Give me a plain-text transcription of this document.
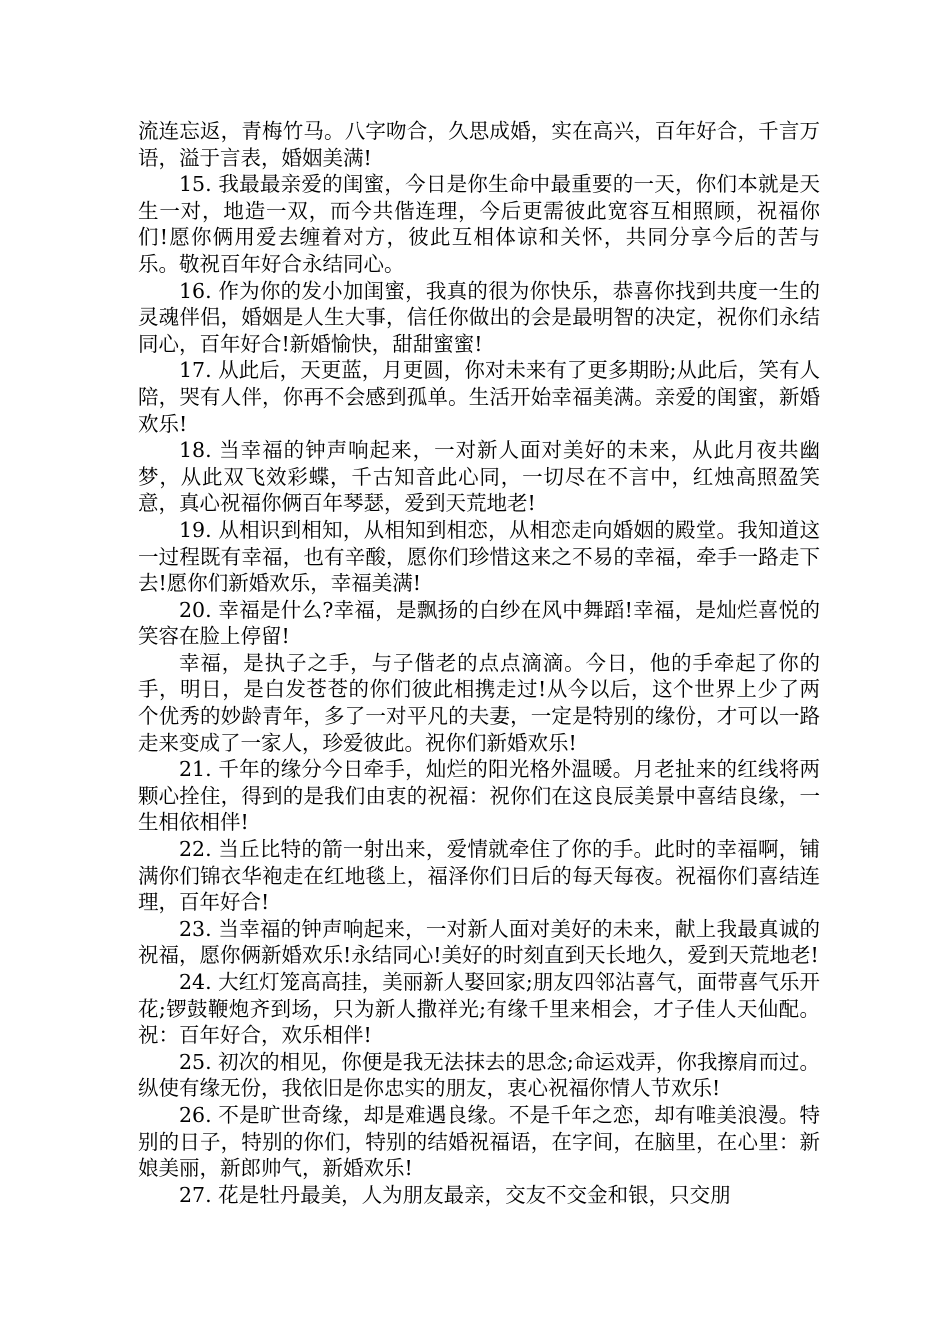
流连忘返，青梅竹马。八字吻合，久思成婚，实在高兴，百年好合，千言万语，溢于言表，婚姻美满!

15. 我最最亲爱的闺蜜，今日是你生命中最重要的一天，你们本就是天生一对，地造一双，而今共偕连理，今后更需彼此宽容互相照顾，祝福你们!愿你俩用爱去缠着对方，彼此互相体谅和关怀，共同分享今后的苦与乐。敬祝百年好合永结同心。

16. 作为你的发小加闺蜜，我真的很为你快乐，恭喜你找到共度一生的灵魂伴侣，婚姻是人生大事，信任你做出的会是最明智的决定，祝你们永结同心，百年好合!新婚愉快，甜甜蜜蜜!

17. 从此后，天更蓝，月更圆，你对未来有了更多期盼;从此后，笑有人陪，哭有人伴，你再不会感到孤单。生活开始幸福美满。亲爱的闺蜜，新婚欢乐!

18. 当幸福的钟声响起来，一对新人面对美好的未来，从此月夜共幽梦，从此双飞效彩蝶，千古知音此心同，一切尽在不言中，红烛高照盈笑意，真心祝福你俩百年琴瑟，爱到天荒地老!

19. 从相识到相知，从相知到相恋，从相恋走向婚姻的殿堂。我知道这一过程既有幸福，也有辛酸，愿你们珍惜这来之不易的幸福，牵手一路走下去!愿你们新婚欢乐，幸福美满!

20. 幸福是什么?幸福，是飘扬的白纱在风中舞蹈!幸福，是灿烂喜悦的笑容在脸上停留!

幸福，是执子之手，与子偕老的点点滴滴。今日，他的手牵起了你的手，明日，是白发苍苍的你们彼此相携走过!从今以后，这个世界上少了两个优秀的妙龄青年，多了一对平凡的夫妻，一定是特别的缘份，才可以一路走来变成了一家人，珍爱彼此。祝你们新婚欢乐!

21. 千年的缘分今日牵手，灿烂的阳光格外温暖。月老扯来的红线将两颗心拴住，得到的是我们由衷的祝福：祝你们在这良辰美景中喜结良缘，一生相依相伴!

22. 当丘比特的箭一射出来，爱情就牵住了你的手。此时的幸福啊，铺满你们锦衣华袍走在红地毯上，福泽你们日后的每天每夜。祝福你们喜结连理，百年好合!

23. 当幸福的钟声响起来，一对新人面对美好的未来，献上我最真诚的祝福，愿你俩新婚欢乐!永结同心!美好的时刻直到天长地久，爱到天荒地老!

24. 大红灯笼高高挂，美丽新人娶回家;朋友四邻沾喜气，面带喜气乐开花;锣鼓鞭炮齐到场，只为新人撒祥光;有缘千里来相会，才子佳人天仙配。祝：百年好合，欢乐相伴!

25. 初次的相见，你便是我无法抹去的思念;命运戏弄，你我擦肩而过。纵使有缘无份，我依旧是你忠实的朋友，衷心祝福你情人节欢乐!

26. 不是旷世奇缘，却是难遇良缘。不是千年之恋，却有唯美浪漫。特别的日子，特别的你们，特别的结婚祝福语，在字间，在脑里，在心里：新娘美丽，新郎帅气，新婚欢乐!

27. 花是牡丹最美，人为朋友最亲，交友不交金和银，只交朋
